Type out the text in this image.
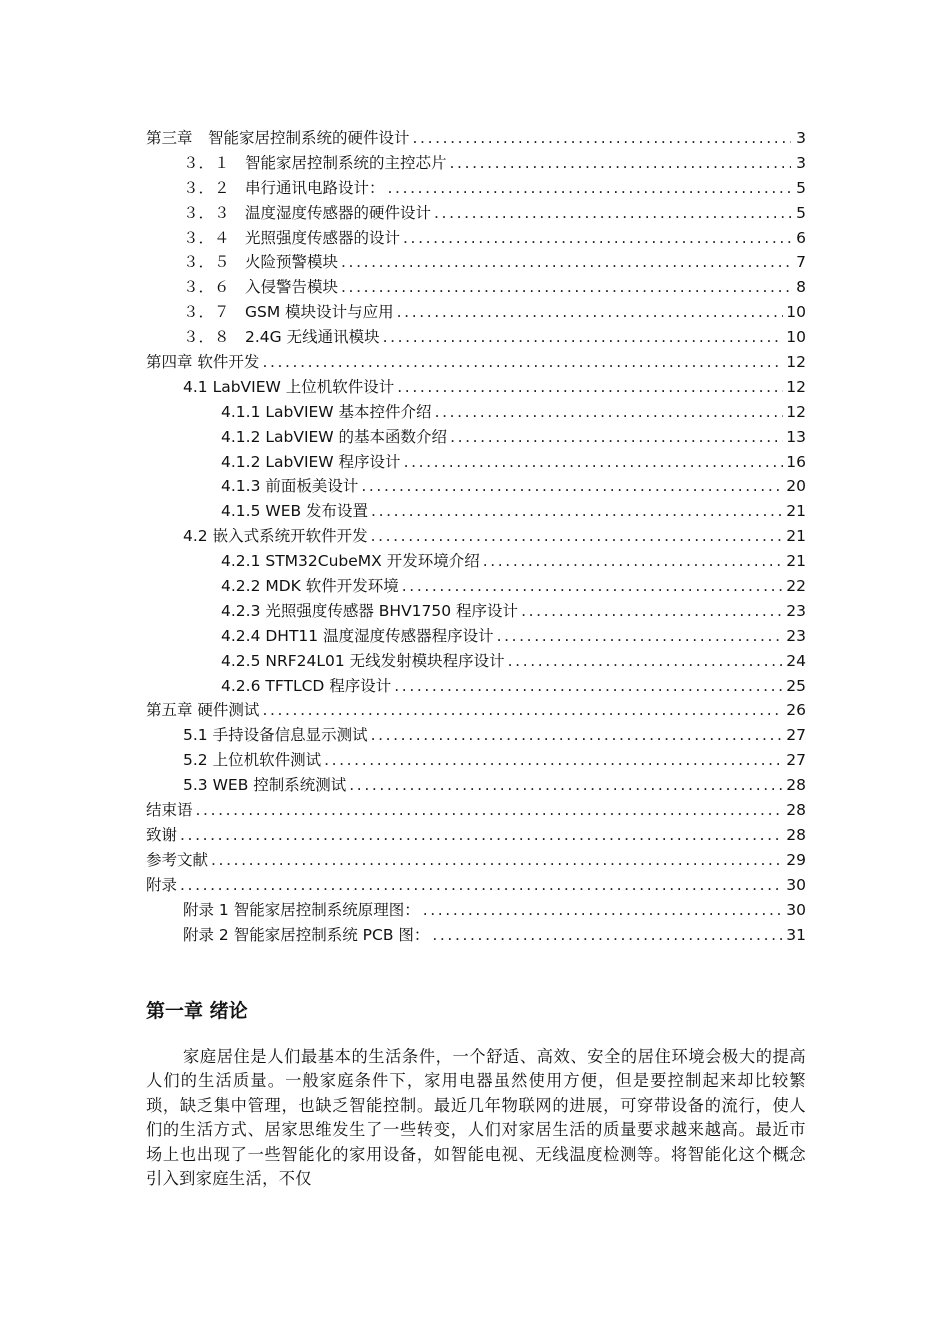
第三章　智能家居控制系统的硬件设计 .....	3
３．１　智能家居控制系统的主控芯片 .....	3
３．２　串行通讯电路设计： .....	5
３．３　温度湿度传感器的硬件设计 .....	5
３．４　光照强度传感器的设计 .....	6
３．５　火险预警模块 .....	7
３．６　入侵警告模块 .....	8
３．７　GSM 模块设计与应用 .....	10
３．８　2.4G 无线通讯模块 .....	10
第四章 软件开发 .....	12
4.1 LabVIEW 上位机软件设计 .....	12
4.1.1 LabVIEW 基本控件介绍 .....	12
4.1.2 LabVIEW 的基本函数介绍 .....	13
4.1.2 LabVIEW 程序设计 .....	16
4.1.3 前面板美设计 .....	20
4.1.5 WEB 发布设置 .....	21
4.2 嵌入式系统开软件开发 .....	21
4.2.1 STM32CubeMX 开发环境介绍 .....	21
4.2.2 MDK 软件开发环境 .....	22
4.2.3 光照强度传感器 BHV1750 程序设计 .....	23
4.2.4 DHT11 温度湿度传感器程序设计 .....	23
4.2.5 NRF24L01 无线发射模块程序设计 .....	24
4.2.6 TFTLCD 程序设计 .....	25
第五章 硬件测试 .....	26
5.1 手持设备信息显示测试 .....	27
5.2 上位机软件测试 .....	27
5.3 WEB 控制系统测试 .....	28
结束语 .....	28
致谢 .....	28
参考文献 .....	29
附录 .....	30
附录 1 智能家居控制系统原理图： .....	30
附录 2 智能家居控制系统 PCB 图： .....	31
第一章 绪论

家庭居住是人们最基本的生活条件，一个舒适、高效、安全的居住环境会极大的提高人们的生活质量。一般家庭条件下，家用电器虽然使用方便，但是要控制起来却比较繁琐，缺乏集中管理，也缺乏智能控制。最近几年物联网的进展，可穿带设备的流行，使人们的生活方式、居家思维发生了一些转变，人们对家居生活的质量要求越来越高。最近市场上也出现了一些智能化的家用设备，如智能电视、无线温度检测等。将智能化这个概念引入到家庭生活，不仅
